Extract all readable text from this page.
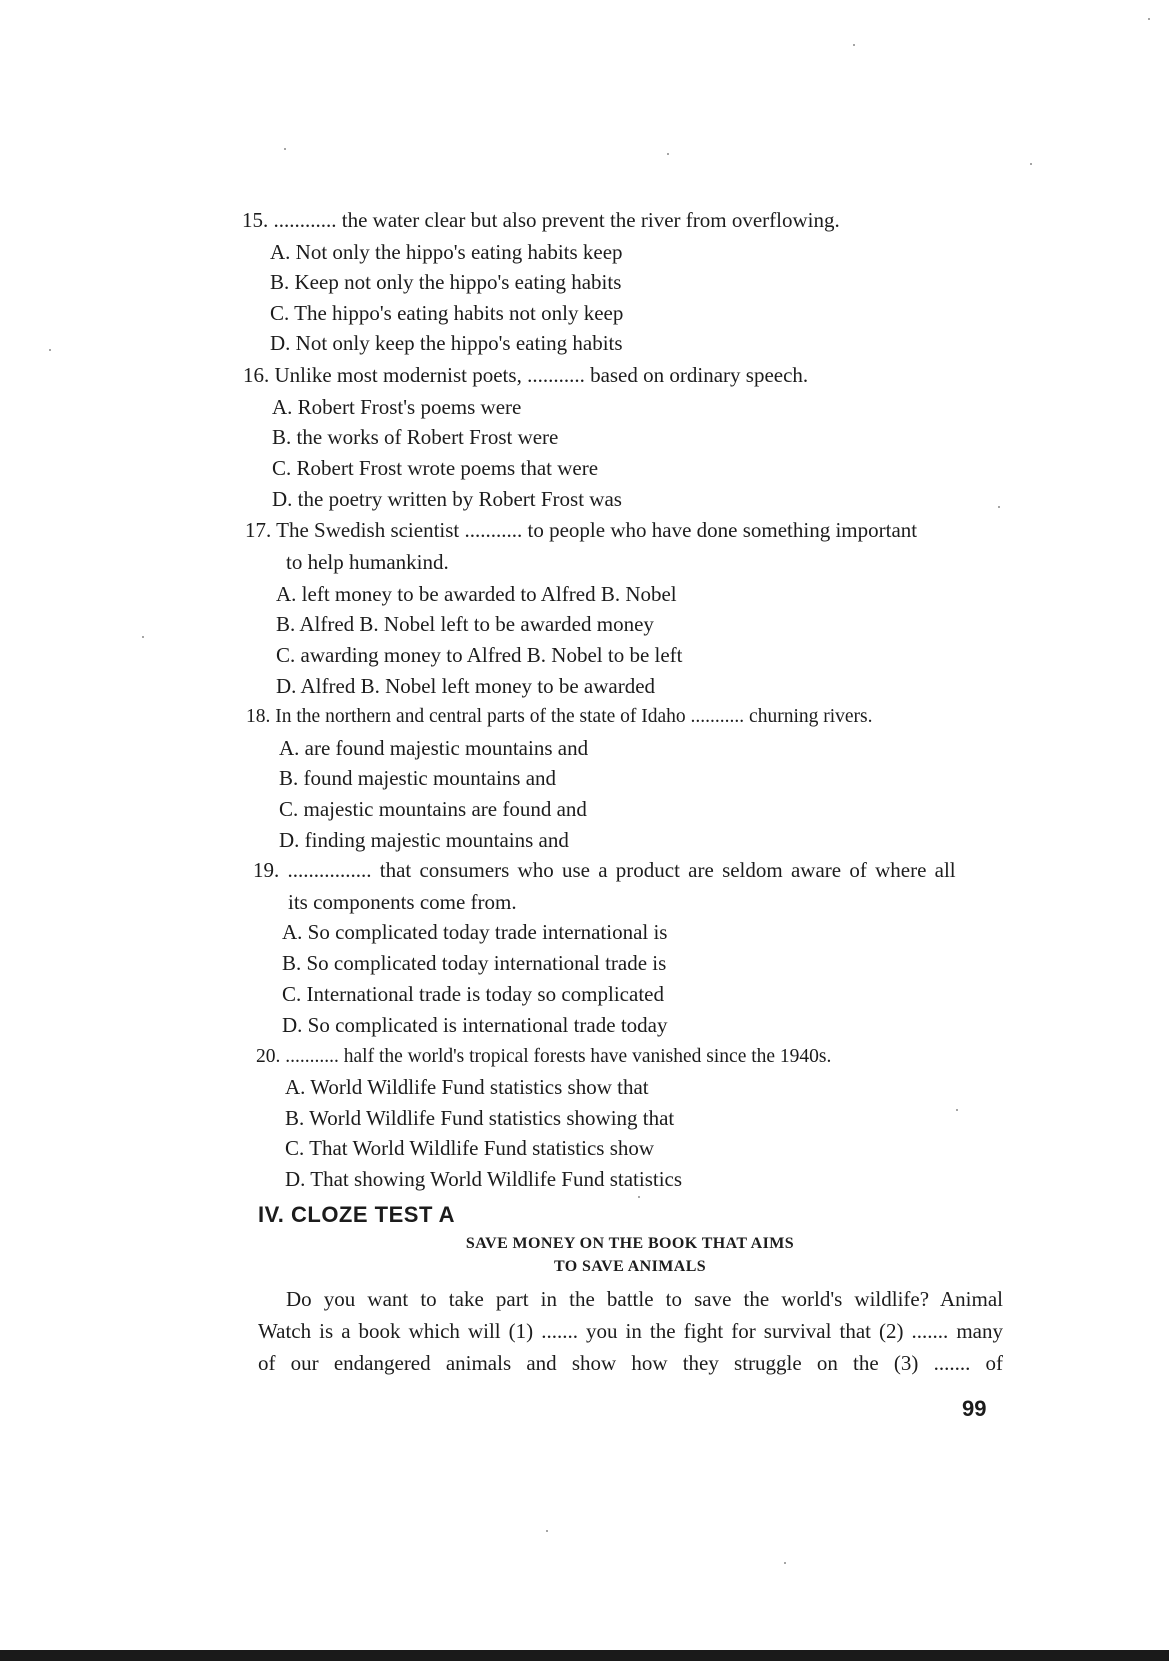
15. ............ the water clear but also prevent the river from overflowing.
A. Not only the hippo's eating habits keep
B. Keep not only the hippo's eating habits
C. The hippo's eating habits not only keep
D. Not only keep the hippo's eating habits
16. Unlike most modernist poets, ........... based on ordinary speech.
A. Robert Frost's poems were
B. the works of Robert Frost were
C. Robert Frost wrote poems that were
D. the poetry written by Robert Frost was
17. The Swedish scientist ........... to people who have done something important
to help humankind.
A. left money to be awarded to Alfred B. Nobel
B. Alfred B. Nobel left to be awarded money
C. awarding money to Alfred B. Nobel to be left
D. Alfred B. Nobel left money to be awarded
18. In the northern and central parts of the state of Idaho ........... churning rivers.
A. are found majestic mountains and
B. found majestic mountains and
C. majestic mountains are found and
D. finding majestic mountains and
19. ................ that consumers who use a product are seldom aware of where all
its components come from.
A. So complicated today trade international is
B. So complicated today international trade is
C. International trade is today so complicated
D. So complicated is international trade today
20. ........... half the world's tropical forests have vanished since the 1940s.
A. World Wildlife Fund statistics show that
B. World Wildlife Fund statistics showing that
C. That World Wildlife Fund statistics show
D. That showing World Wildlife Fund statistics
IV. CLOZE TEST A
SAVE MONEY ON THE BOOK THAT AIMS
TO SAVE ANIMALS
Do you want to take part in the battle to save the world's wildlife? Animal
Watch is a book which will (1) ....... you in the fight for survival that (2) ....... many
of our endangered animals and show how they struggle on the (3) ....... of
99
